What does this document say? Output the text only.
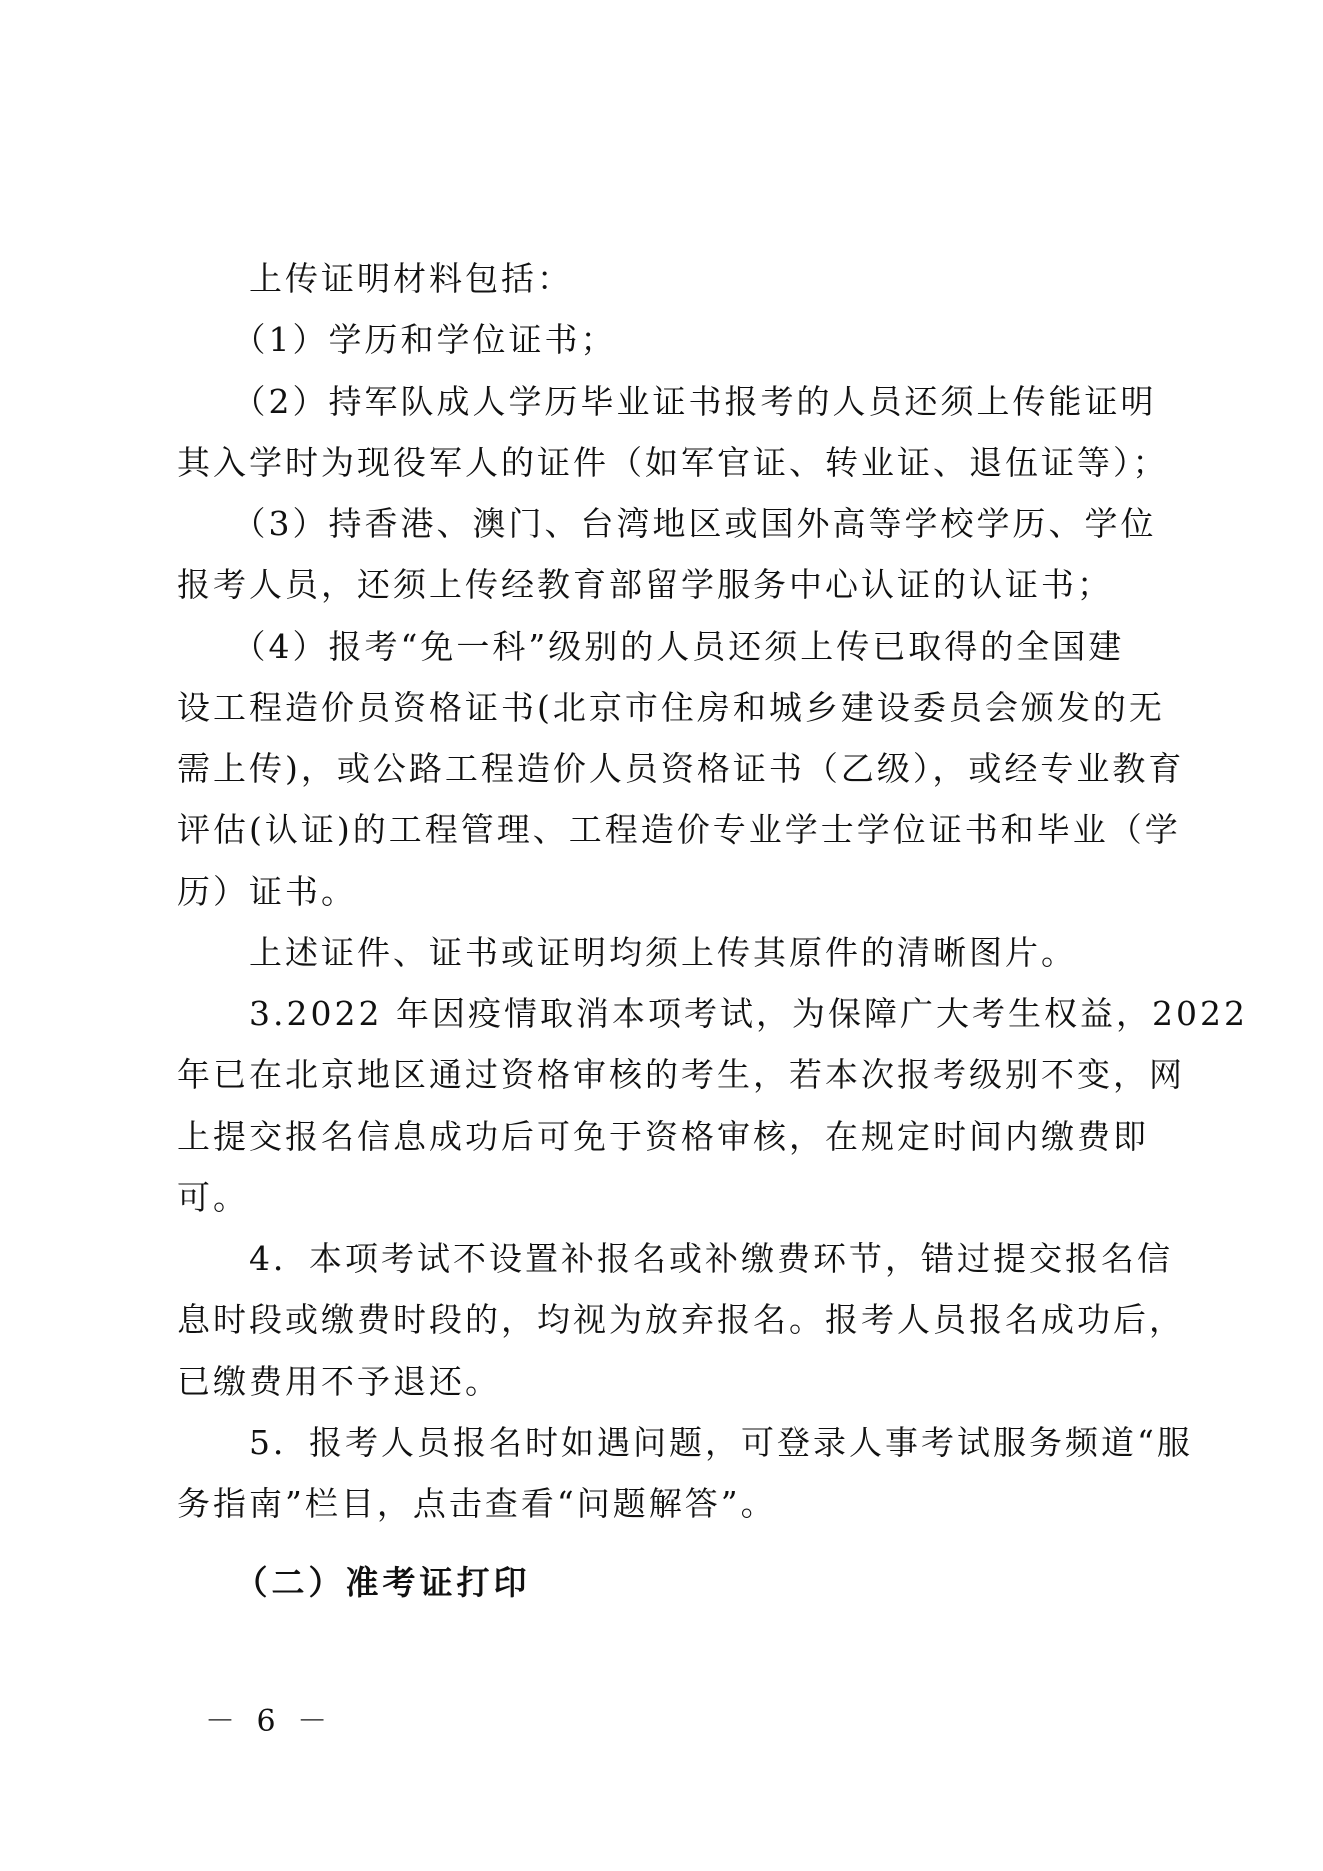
　　上传证明材料包括：
　　（1）学历和学位证书；
　　（2）持军队成人学历毕业证书报考的人员还须上传能证明
其入学时为现役军人的证件（如军官证、转业证、退伍证等）；
　　（3）持香港、澳门、台湾地区或国外高等学校学历、学位
报考人员，还须上传经教育部留学服务中心认证的认证书；
　　（4）报考“免一科”级别的人员还须上传已取得的全国建
设工程造价员资格证书(北京市住房和城乡建设委员会颁发的无
需上传)，或公路工程造价人员资格证书（乙级），或经专业教育
评估(认证)的工程管理、工程造价专业学士学位证书和毕业（学
历）证书。
　　上述证件、证书或证明均须上传其原件的清晰图片。
　　3.2022 年因疫情取消本项考试，为保障广大考生权益，2022
年已在北京地区通过资格审核的考生，若本次报考级别不变，网
上提交报名信息成功后可免于资格审核，在规定时间内缴费即
可。
　　4．本项考试不设置补报名或补缴费环节，错过提交报名信
息时段或缴费时段的，均视为放弃报名。报考人员报名成功后，
已缴费用不予退还。
　　5．报考人员报名时如遇问题，可登录人事考试服务频道“服
务指南”栏目，点击查看“问题解答”。
　　（二）准考证打印
－ 6 －
